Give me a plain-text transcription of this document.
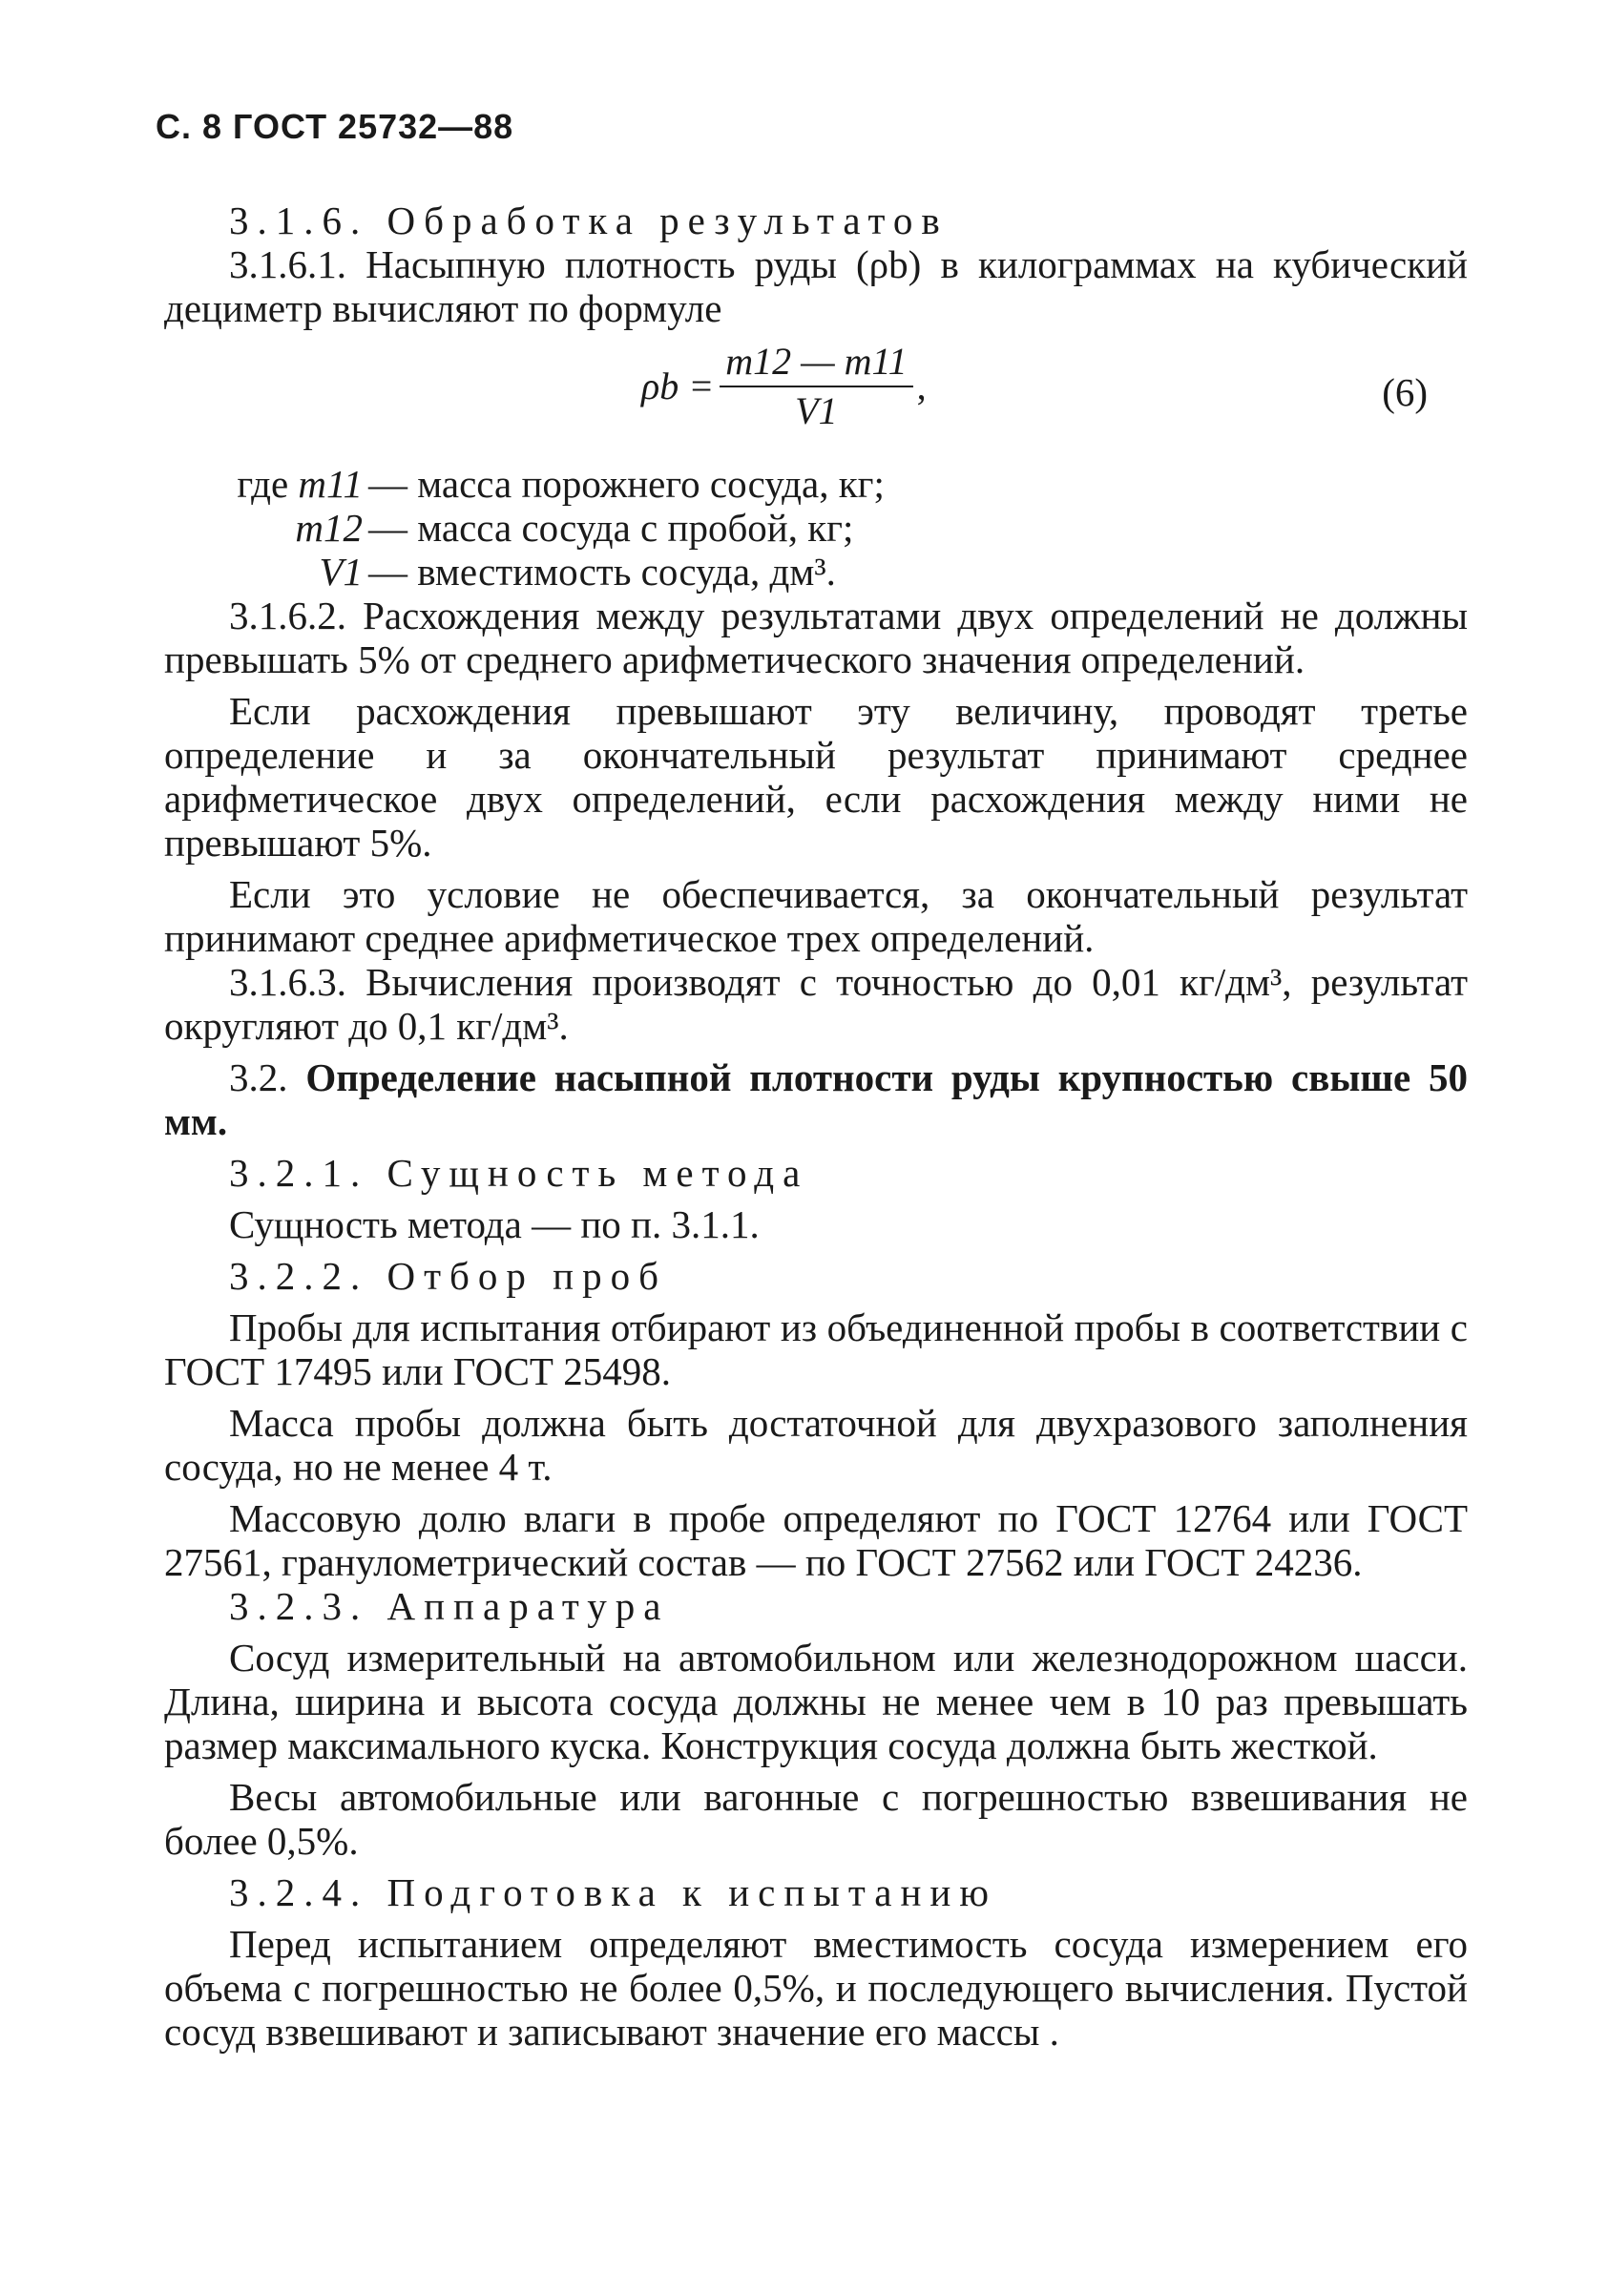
С. 8 ГОСТ 25732—88

3.1.6. Обработка результатов

3.1.6.1. Насыпную плотность руды (ρb) в килограммах на кубический дециметр вычисляют по формуле

$\rho b = \frac{m12 — m11}{V1}$ ,	(6)
где m11 — масса порожнего сосуда, кг;
m12 — масса сосуда с пробой, кг;
V1 — вместимость сосуда, дм³.

3.1.6.2. Расхождения между результатами двух определений не должны превышать 5% от среднего арифметического значения определений.

Если расхождения превышают эту величину, проводят третье определение и за окончательный результат принимают среднее арифметическое двух определений, если расхождения между ними не превышают 5%.

Если это условие не обеспечивается, за окончательный результат принимают среднее арифметическое трех определений.

3.1.6.3. Вычисления производят с точностью до 0,01 кг/дм³, результат округляют до 0,1 кг/дм³.

3.2. Определение насыпной плотности руды крупностью свыше 50 мм.

3.2.1. Сущность метода

Сущность метода — по п. 3.1.1.

3.2.2. Отбор проб

Пробы для испытания отбирают из объединенной пробы в соответствии с ГОСТ 17495 или ГОСТ 25498.

Масса пробы должна быть достаточной для двухразового заполнения сосуда, но не менее 4 т.

Массовую долю влаги в пробе определяют по ГОСТ 12764 или ГОСТ 27561, гранулометрический состав — по ГОСТ 27562 или ГОСТ 24236.

3.2.3. Аппаратура

Сосуд измерительный на автомобильном или железнодорожном шасси. Длина, ширина и высота сосуда должны не менее чем в 10 раз превышать размер максимального куска. Конструкция сосуда должна быть жесткой.

Весы автомобильные или вагонные с погрешностью взвешивания не более 0,5%.

3.2.4. Подготовка к испытанию

Перед испытанием определяют вместимость сосуда измерением его объема с погрешностью не более 0,5%, и последующего вычисления. Пустой сосуд взвешивают и записывают значение его массы .
